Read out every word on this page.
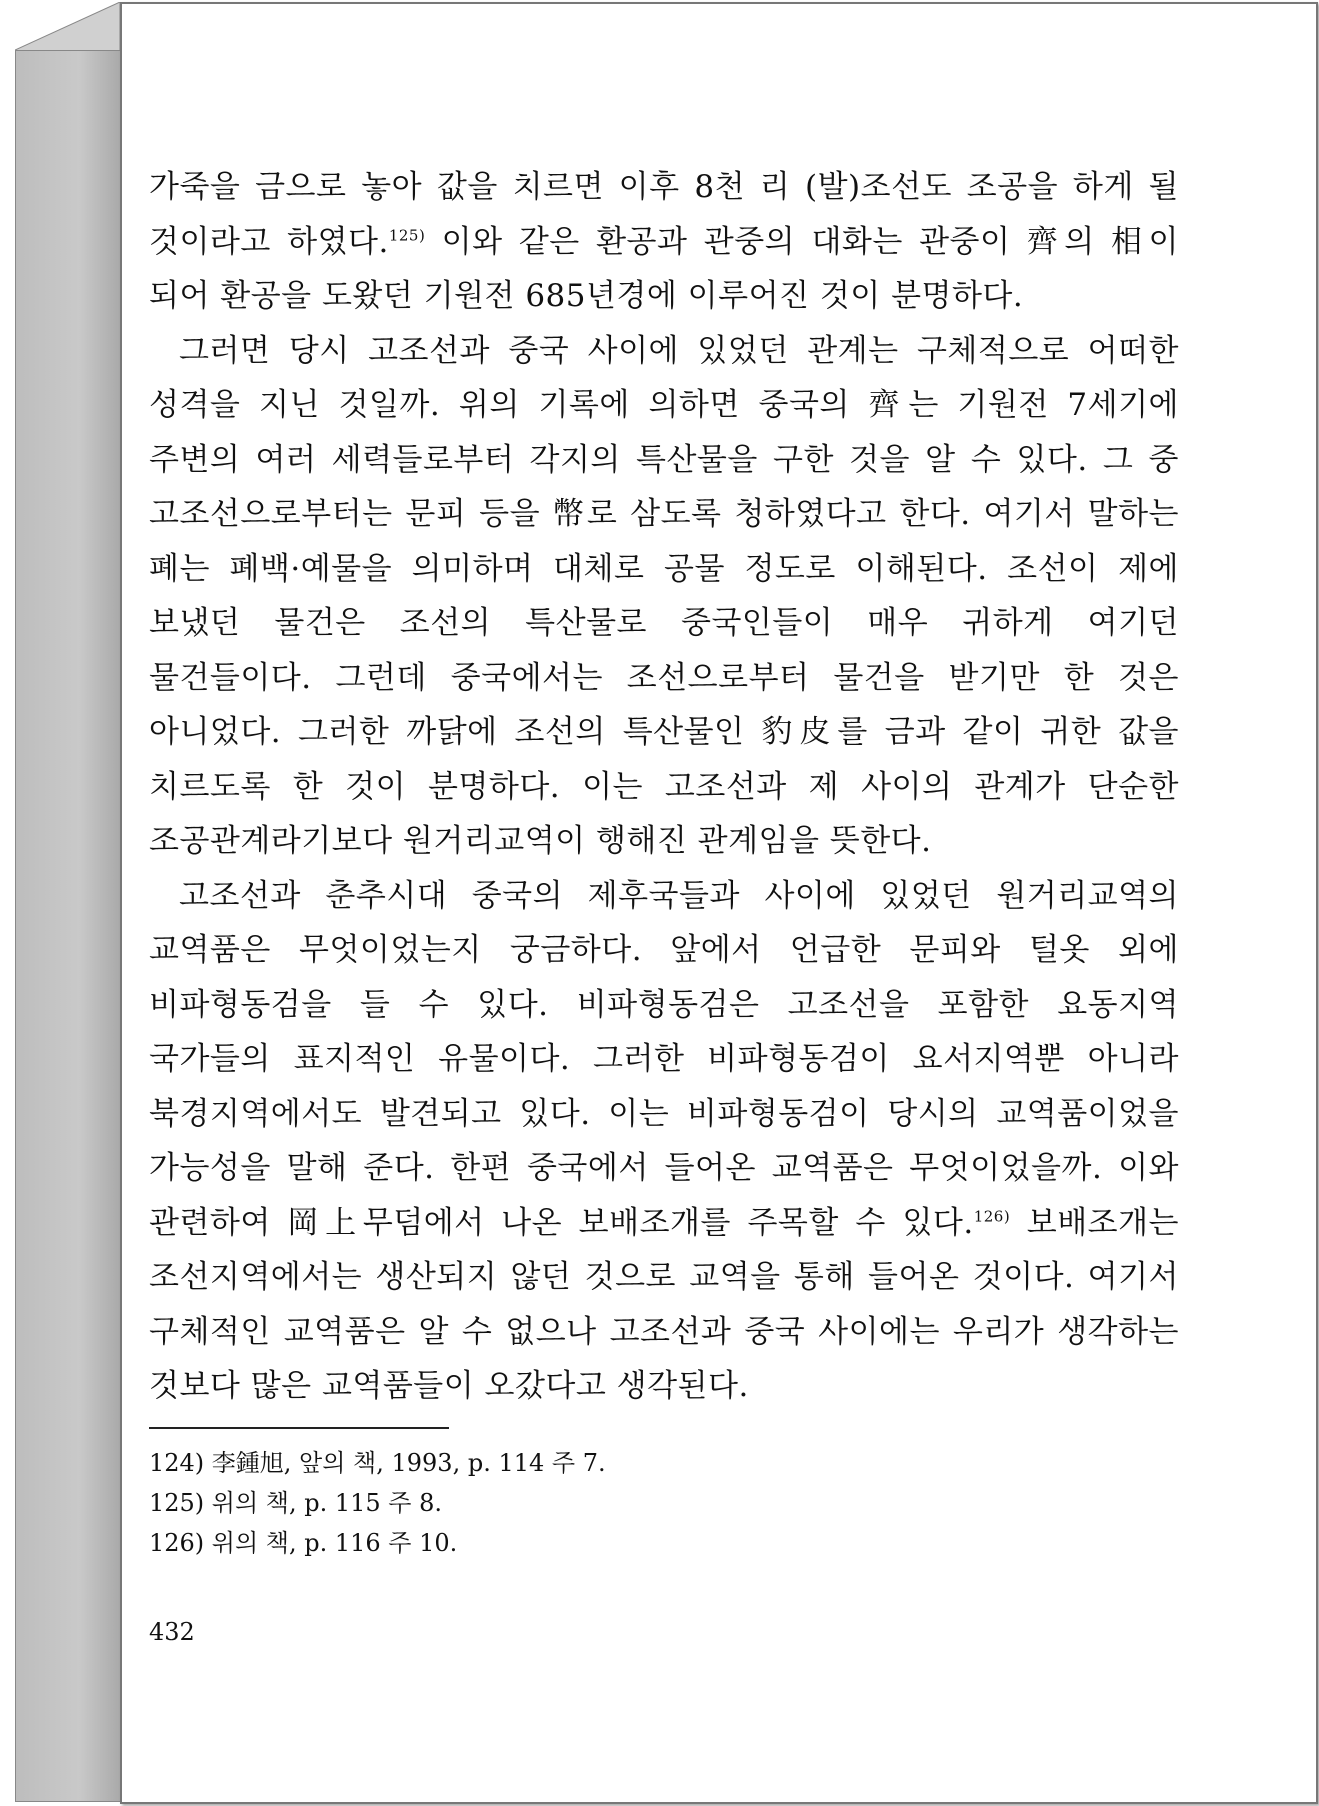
가죽을 금으로 놓아 값을 치르면 이후 8천 리 (발)조선도 조공을 하게 될 것이라고 하였다.$^{125)}$ 이와 같은 환공과 관중의 대화는 관중이 齊의 相이 되어 환공을 도왔던 기원전 685년경에 이루어진 것이 분명하다.

그러면 당시 고조선과 중국 사이에 있었던 관계는 구체적으로 어떠한 성격을 지닌 것일까. 위의 기록에 의하면 중국의 齊는 기원전 7세기에 주변의 여러 세력들로부터 각지의 특산물을 구한 것을 알 수 있다. 그 중 고조선으로부터는 문피 등을 幣로 삼도록 청하였다고 한다. 여기서 말하는 폐는 폐백·예물을 의미하며 대체로 공물 정도로 이해된다. 조선이 제에 보냈던 물건은 조선의 특산물로 중국인들이 매우 귀하게 여기던 물건들이다. 그런데 중국에서는 조선으로부터 물건을 받기만 한 것은 아니었다. 그러한 까닭에 조선의 특산물인 豹皮를 금과 같이 귀한 값을 치르도록 한 것이 분명하다. 이는 고조선과 제 사이의 관계가 단순한 조공관계라기보다 원거리교역이 행해진 관계임을 뜻한다.

고조선과 춘추시대 중국의 제후국들과 사이에 있었던 원거리교역의 교역품은 무엇이었는지 궁금하다. 앞에서 언급한 문피와 털옷 외에 비파형동검을 들 수 있다. 비파형동검은 고조선을 포함한 요동지역 국가들의 표지적인 유물이다. 그러한 비파형동검이 요서지역뿐 아니라 북경지역에서도 발견되고 있다. 이는 비파형동검이 당시의 교역품이었을 가능성을 말해 준다. 한편 중국에서 들어온 교역품은 무엇이었을까. 이와 관련하여 岡上무덤에서 나온 보배조개를 주목할 수 있다.$^{126)}$ 보배조개는 조선지역에서는 생산되지 않던 것으로 교역을 통해 들어온 것이다. 여기서 구체적인 교역품은 알 수 없으나 고조선과 중국 사이에는 우리가 생각하는 것보다 많은 교역품들이 오갔다고 생각된다.

124) 李鍾旭, 앞의 책, 1993, p. 114 주 7.

125) 위의 책, p. 115 주 8.

126) 위의 책, p. 116 주 10.

432
